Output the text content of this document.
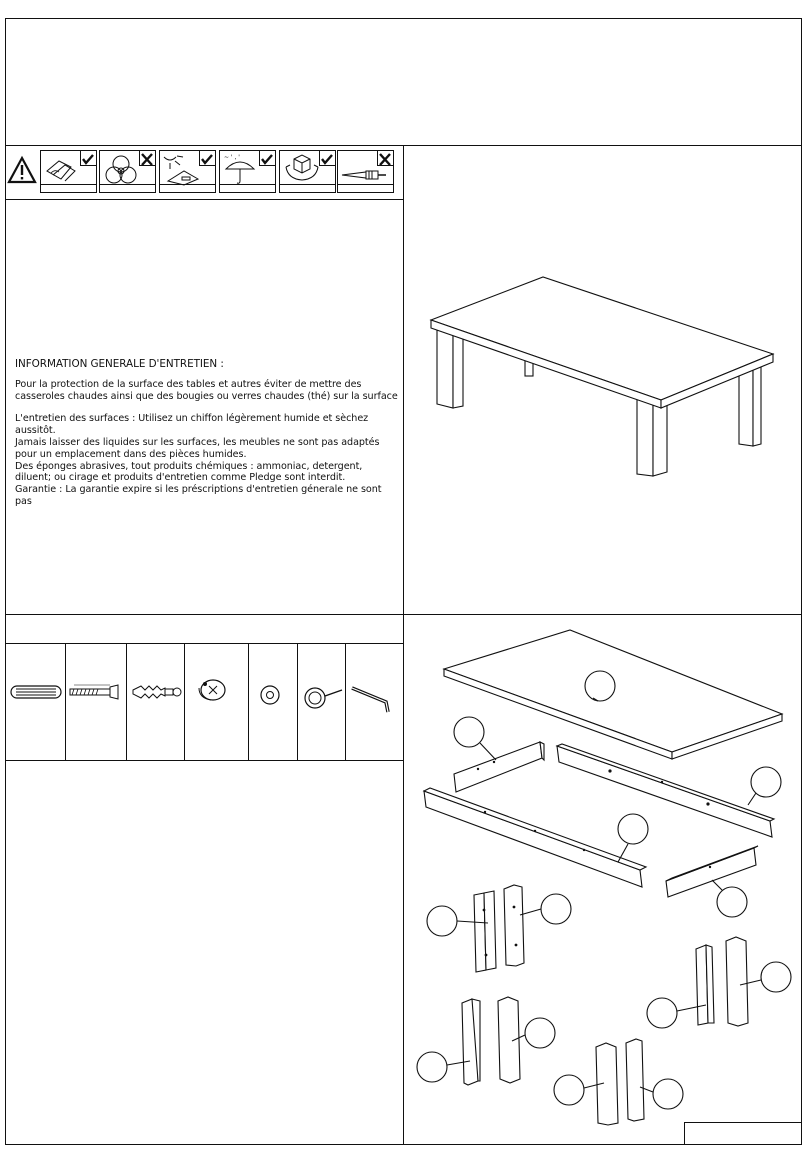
~ ' , '

INFORMATION GENERALE D'ENTRETIEN :

Pour la protection de la surface des tables et autres éviter de mettre des casseroles chaudes ainsi que des bougies ou verres chaudes (thé) sur la surface

L'entretien des surfaces : Utilisez un chiffon légèrement humide et sèchez aussitôt.

Jamais laisser des liquides sur les surfaces, les meubles ne sont pas adaptés pour un emplacement dans des pièces humides.

Des éponges abrasives, tout produits chémiques : ammoniac, detergent, diluent; ou cirage et produits d'entretien comme Pledge sont interdit.

Garantie : La garantie expire si les préscriptions d'entretien génerale ne sont pas
